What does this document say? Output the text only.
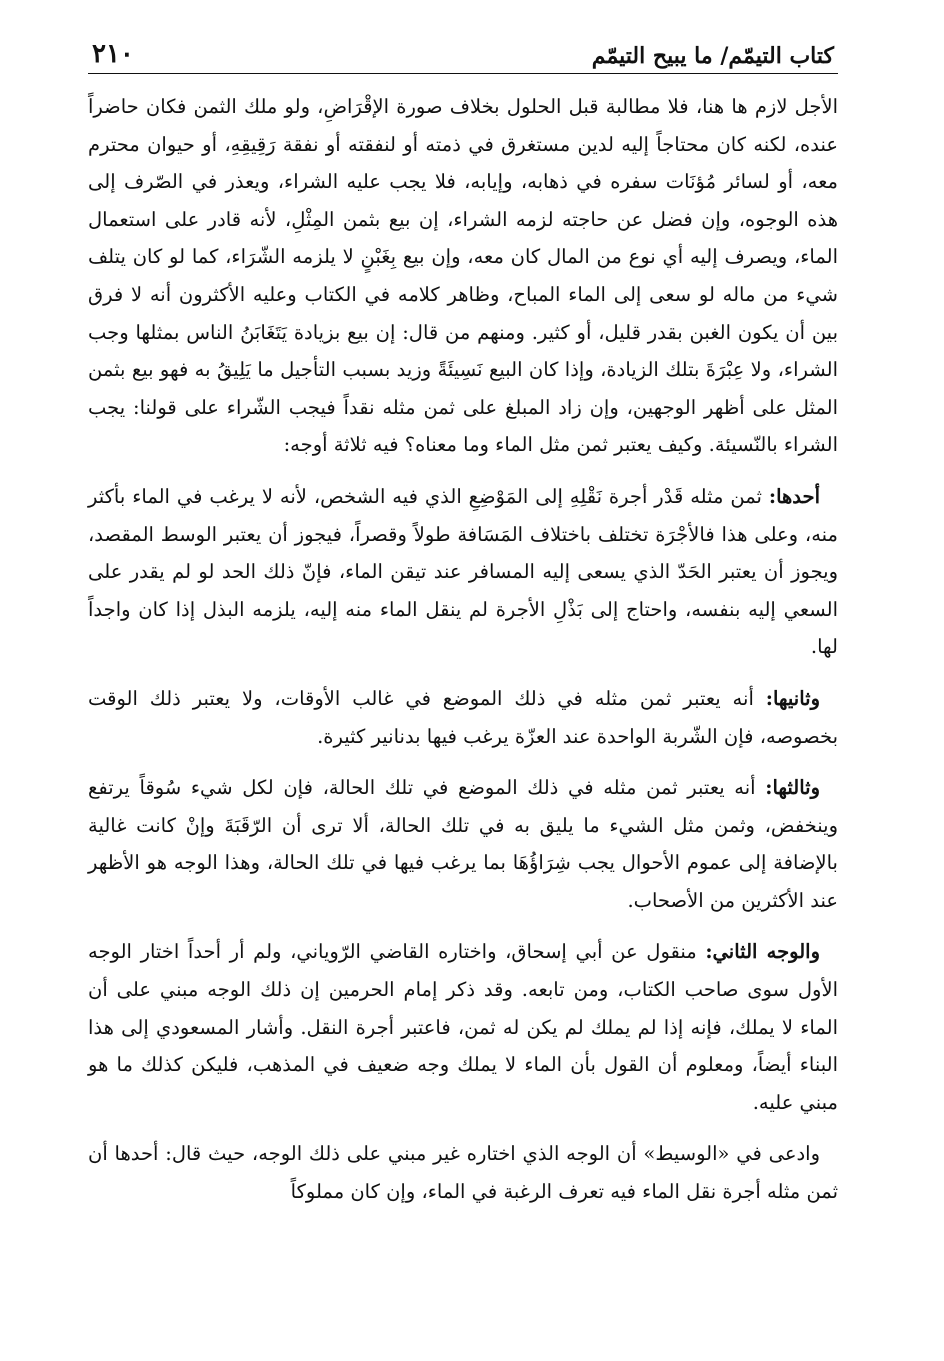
كتاب التيمّم/ ما يبيح التيمّم
٢١٠

الأجل لازم ها هنا، فلا مطالبة قبل الحلول بخلاف صورة الإقْرَاضِ، ولو ملك الثمن فكان حاضراً عنده، لكنه كان محتاجاً إليه لدين مستغرق في ذمته أو لنفقته أو نفقة رَقِيقِهِ، أو حيوان محترم معه، أو لسائر مُؤنَات سفره في ذهابه، وإيابه، فلا يجب عليه الشراء، ويعذر في الصّرف إلى هذه الوجوه، وإن فضل عن حاجته لزمه الشراء، إن بيع بثمن المِثْلِ، لأنه قادر على استعمال الماء، ويصرف إليه أي نوع من المال كان معه، وإن بيع بِغَبْنٍ لا يلزمه الشّرَاء، كما لو كان يتلف شيء من ماله لو سعى إلى الماء المباح، وظاهر كلامه في الكتاب وعليه الأكثرون أنه لا فرق بين أن يكون الغبن بقدر قليل، أو كثير. ومنهم من قال: إن بيع بزيادة يَتَغَابَنُ الناس بمثلها وجب الشراء، ولا عِبْرَةَ بتلك الزيادة، وإذا كان البيع نَسِيئَةً وزيد بسبب التأجيل ما يَلِيقُ به فهو بيع بثمن المثل على أظهر الوجهين، وإن زاد المبلغ على ثمن مثله نقداً فيجب الشّراء على قولنا: يجب الشراء بالنّسيئة. وكيف يعتبر ثمن مثل الماء وما معناه؟ فيه ثلاثة أوجه:

أحدها: ثمن مثله قَدْر أجرة نَقْلِهِ إلى المَوْضِعِ الذي فيه الشخص، لأنه لا يرغب في الماء بأكثر منه، وعلى هذا فالأجْرَة تختلف باختلاف المَسَافة طولاً وقصراً، فيجوز أن يعتبر الوسط المقصد، ويجوز أن يعتبر الحَدّ الذي يسعى إليه المسافر عند تيقن الماء، فإنّ ذلك الحد لو لم يقدر على السعي إليه بنفسه، واحتاج إلى بَذْلِ الأجرة لم ينقل الماء منه إليه، يلزمه البذل إذا كان واجداً لها.

وثانيها: أنه يعتبر ثمن مثله في ذلك الموضع في غالب الأوقات، ولا يعتبر ذلك الوقت بخصوصه، فإن الشّربة الواحدة عند العزّة يرغب فيها بدنانير كثيرة.

وثالثها: أنه يعتبر ثمن مثله في ذلك الموضع في تلك الحالة، فإن لكل شيء سُوقاً يرتفع وينخفض، وثمن مثل الشيء ما يليق به في تلك الحالة، ألا ترى أن الرّقَبَةَ وإنْ كانت غالية بالإضافة إلى عموم الأحوال يجب شِرَاؤُهَا بما يرغب فيها في تلك الحالة، وهذا الوجه هو الأظهر عند الأكثرين من الأصحاب.

والوجه الثاني: منقول عن أبي إسحاق، واختاره القاضي الرّوياني، ولم أر أحداً اختار الوجه الأول سوى صاحب الكتاب، ومن تابعه. وقد ذكر إمام الحرمين إن ذلك الوجه مبني على أن الماء لا يملك، فإنه إذا لم يملك لم يكن له ثمن، فاعتبر أجرة النقل. وأشار المسعودي إلى هذا البناء أيضاً، ومعلوم أن القول بأن الماء لا يملك وجه ضعيف في المذهب، فليكن كذلك ما هو مبني عليه.

وادعى في «الوسيط» أن الوجه الذي اختاره غير مبني على ذلك الوجه، حيث قال: أحدها أن ثمن مثله أجرة نقل الماء فيه تعرف الرغبة في الماء، وإن كان مملوكاً
